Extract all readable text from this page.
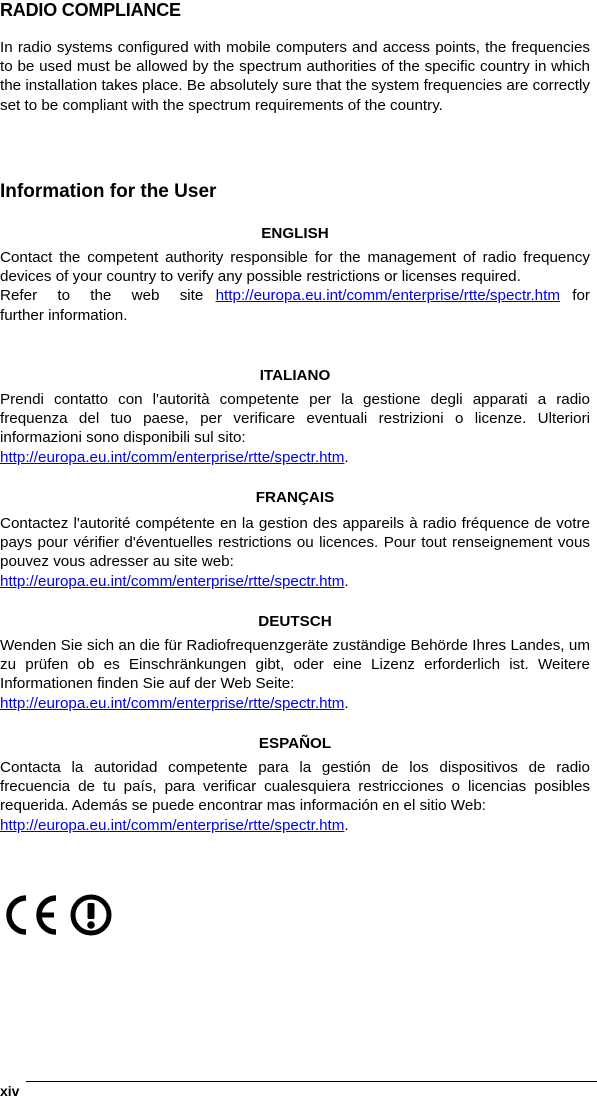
RADIO COMPLIANCE

In radio systems configured with mobile computers and access points, the frequencies to be used must be allowed by the spectrum authorities of the specific country in which the installation takes place. Be absolutely sure that the system frequencies are correctly set to be compliant with the spectrum requirements of the country.

Information for the User

ENGLISH

Contact the competent authority responsible for the management of radio frequency devices of your country to verify any possible restrictions or licenses required.
Refer to the web site http://europa.eu.int/comm/enterprise/rtte/spectr.htm for further information.

ITALIANO

Prendi contatto con l'autorità competente per la gestione degli apparati a radio frequenza del tuo paese, per verificare eventuali restrizioni o licenze. Ulteriori informazioni sono disponibili sul sito:
http://europa.eu.int/comm/enterprise/rtte/spectr.htm.

FRANÇAIS

Contactez l'autorité compétente en la gestion des appareils à radio fréquence de votre pays pour vérifier d'éventuelles restrictions ou licences. Pour tout renseignement vous pouvez vous adresser au site web:
http://europa.eu.int/comm/enterprise/rtte/spectr.htm.

DEUTSCH

Wenden Sie sich an die für Radiofrequenzgeräte zuständige Behörde Ihres Landes, um zu prüfen ob es Einschränkungen gibt, oder eine Lizenz erforderlich ist. Weitere Informationen finden Sie auf der Web Seite:
http://europa.eu.int/comm/enterprise/rtte/spectr.htm.

ESPAÑOL

Contacta la autoridad competente para la gestión de los dispositivos de radio frecuencia de tu país, para verificar cualesquiera restricciones o licencias posibles requerida. Además se puede encontrar mas información en el sitio Web:
http://europa.eu.int/comm/enterprise/rtte/spectr.htm.

xiv
